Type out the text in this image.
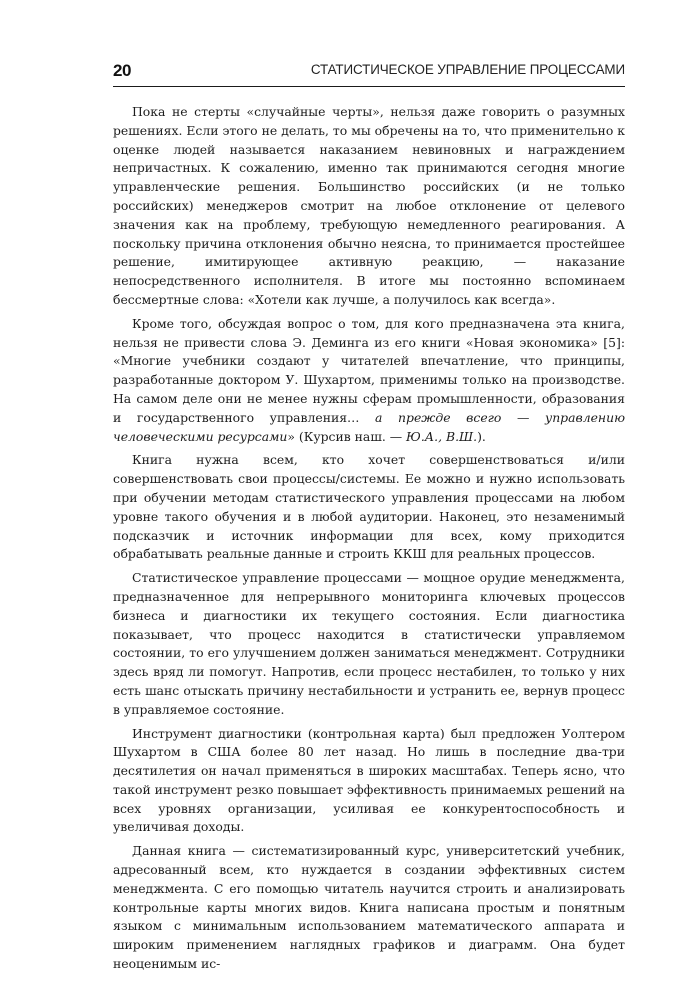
20	СТАТИСТИЧЕСКОЕ УПРАВЛЕНИЕ ПРОЦЕССАМИ

Пока не стерты «случайные черты», нельзя даже говорить о разумных решениях. Если этого не делать, то мы обречены на то, что применительно к оценке людей называется наказанием невиновных и награждением непричастных. К сожалению, именно так принимаются сегодня многие управленческие решения. Большинство российских (и не только российских) менеджеров смотрит на любое отклонение от целевого значения как на проблему, требующую немедленного реагирования. А поскольку причина отклонения обычно неясна, то принимается простейшее решение, имитирующее активную реакцию, — наказание непосредственного исполнителя. В итоге мы постоянно вспоминаем бессмертные слова: «Хотели как лучше, а получилось как всегда».

Кроме того, обсуждая вопрос о том, для кого предназначена эта книга, нельзя не привести слова Э. Деминга из его книги «Новая экономика» [5]: «Многие учебники создают у читателей впечатление, что принципы, разработанные доктором У. Шухартом, применимы только на производстве. На самом деле они не менее нужны сферам промышленности, образования и государственного управления… а прежде всего — управлению человеческими ресурсами» (Курсив наш. — Ю.А., В.Ш.).

Книга нужна всем, кто хочет совершенствоваться и/или совершенствовать свои процессы/системы. Ее можно и нужно использовать при обучении методам статистического управления процессами на любом уровне такого обучения и в любой аудитории. Наконец, это незаменимый подсказчик и источник информации для всех, кому приходится обрабатывать реальные данные и строить ККШ для реальных процессов.

Статистическое управление процессами — мощное орудие менеджмента, предназначенное для непрерывного мониторинга ключевых процессов бизнеса и диагностики их текущего состояния. Если диагностика показывает, что процесс находится в статистически управляемом состоянии, то его улучшением должен заниматься менеджмент. Сотрудники здесь вряд ли помогут. Напротив, если процесс нестабилен, то только у них есть шанс отыскать причину нестабильности и устранить ее, вернув процесс в управляемое состояние.

Инструмент диагностики (контрольная карта) был предложен Уолтером Шухартом в США более 80 лет назад. Но лишь в последние два-три десятилетия он начал применяться в широких масштабах. Теперь ясно, что такой инструмент резко повышает эффективность принимаемых решений на всех уровнях организации, усиливая ее конкурентоспособность и увеличивая доходы.

Данная книга — систематизированный курс, университетский учебник, адресованный всем, кто нуждается в создании эффективных систем менеджмента. С его помощью читатель научится строить и анализировать контрольные карты многих видов. Книга написана простым и понятным языком с минимальным использованием математического аппарата и широким применением наглядных графиков и диаграмм. Она будет неоценимым ис-
